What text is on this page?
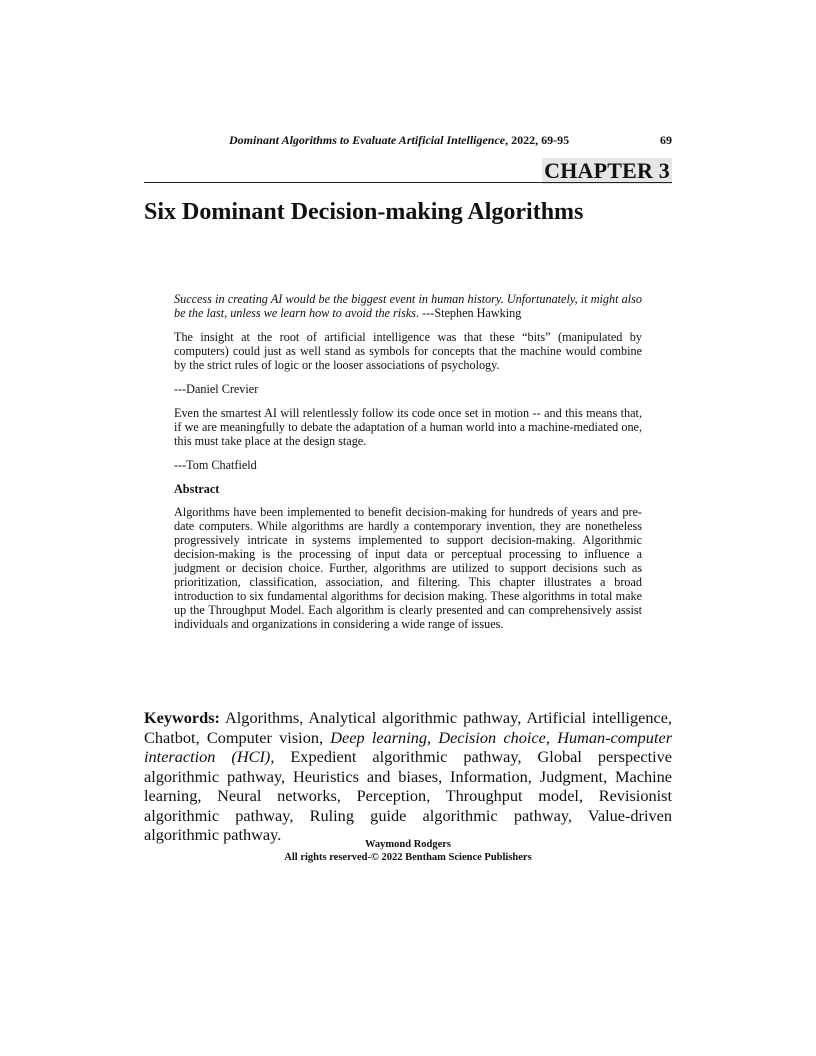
Dominant Algorithms to Evaluate Artificial Intelligence, 2022, 69-95	69
CHAPTER 3
Six Dominant Decision-making Algorithms

Success in creating AI would be the biggest event in human history. Unfortunately, it might also be the last, unless we learn how to avoid the risks. ---Stephen Hawking

The insight at the root of artificial intelligence was that these “bits” (manipulated by computers) could just as well stand as symbols for concepts that the machine would combine by the strict rules of logic or the looser associations of psychology.

---Daniel Crevier

Even the smartest AI will relentlessly follow its code once set in motion -- and this means that, if we are meaningfully to debate the adaptation of a human world into a machine-mediated one, this must take place at the design stage.

---Tom Chatfield

Abstract

Algorithms have been implemented to benefit decision-making for hundreds of years and pre-date computers. While algorithms are hardly a contemporary invention, they are nonetheless progressively intricate in systems implemented to support decision-making. Algorithmic decision-making is the processing of input data or perceptual processing to influence a judgment or decision choice. Further, algorithms are utilized to support decisions such as prioritization, classification, association, and filtering. This chapter illustrates a broad introduction to six fundamental algorithms for decision making. These algorithms in total make up the Throughput Model. Each algorithm is clearly presented and can comprehensively assist individuals and organizations in considering a wide range of issues.

Keywords: Algorithms, Analytical algorithmic pathway, Artificial intelligence, Chatbot, Computer vision, Deep learning, Decision choice, Human-computer interaction (HCI), Expedient algorithmic pathway, Global perspective algorithmic pathway, Heuristics and biases, Information, Judgment, Machine learning, Neural networks, Perception, Throughput model, Revisionist algorithmic pathway, Ruling guide algorithmic pathway, Value-driven algorithmic pathway.

Waymond Rodgers
All rights reserved-© 2022 Bentham Science Publishers
